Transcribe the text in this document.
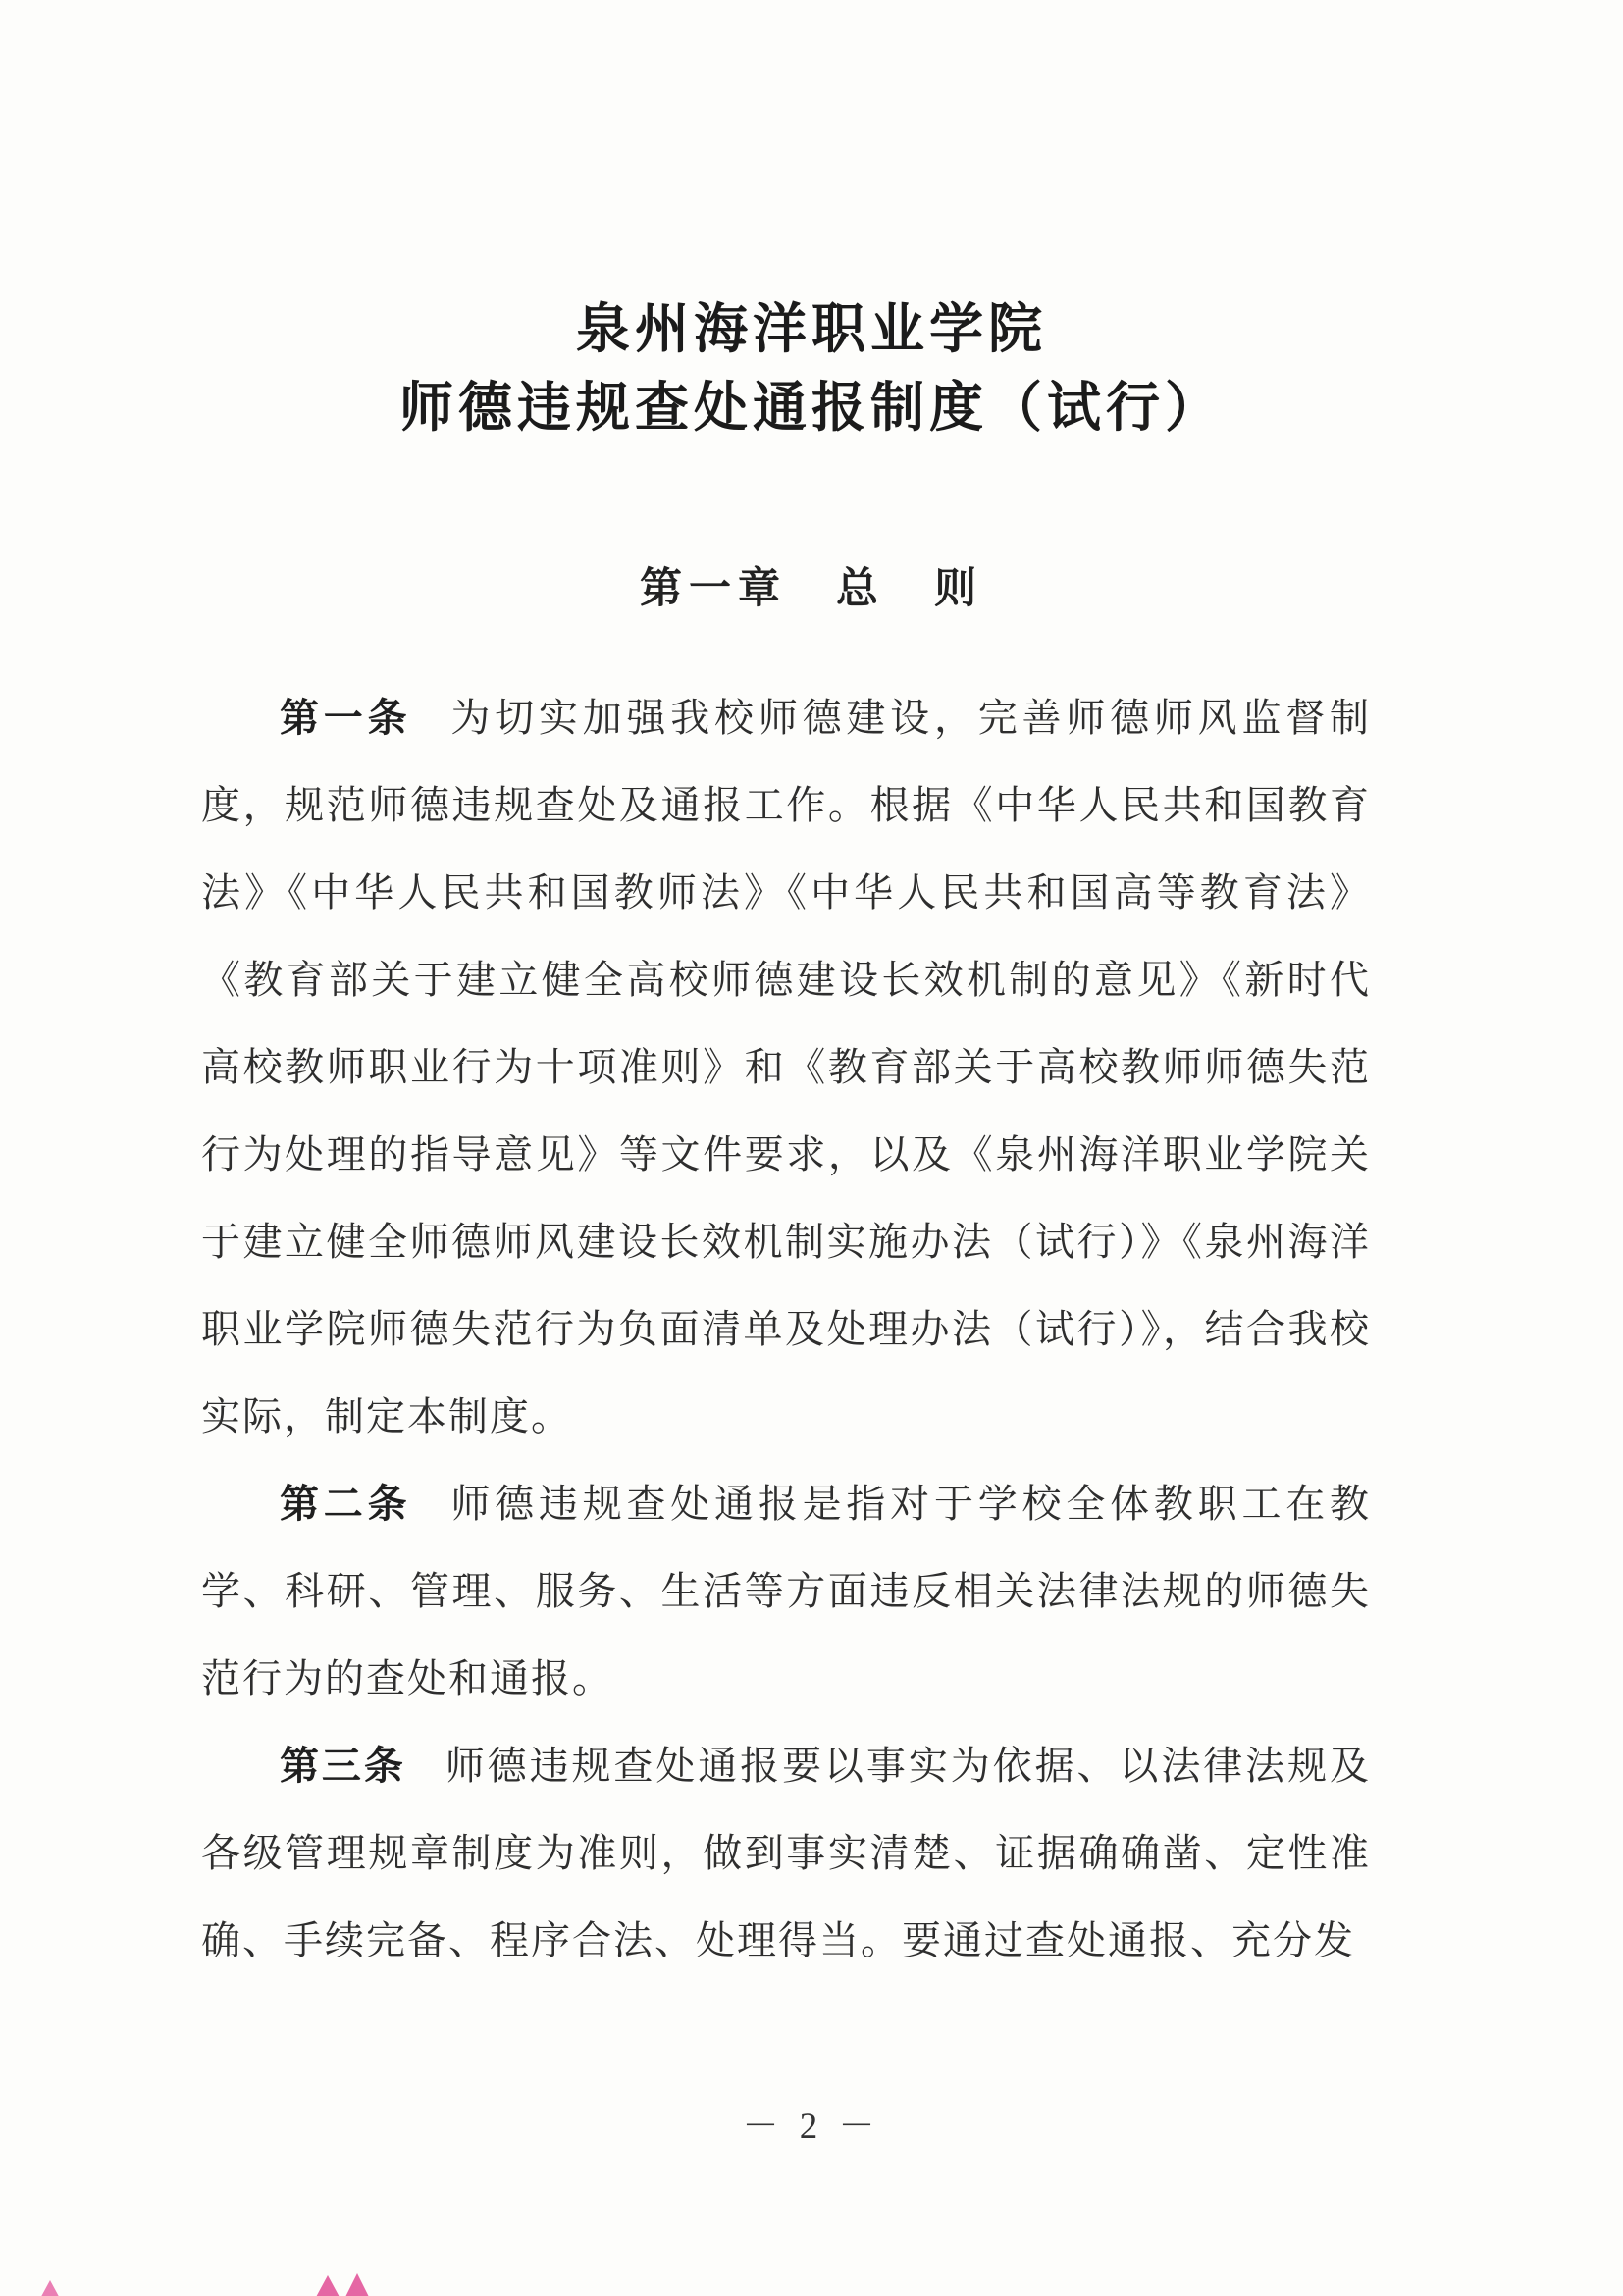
泉州海洋职业学院
师德违规查处通报制度（试行）
第一章　总　则

第一条 为切实加强我校师德建设，完善师德师风监督制度，规范师德违规查处及通报工作。根据《中华人民共和国教育法》《中华人民共和国教师法》《中华人民共和国高等教育法》《教育部关于建立健全高校师德建设长效机制的意见》《新时代高校教师职业行为十项准则》和《教育部关于高校教师师德失范行为处理的指导意见》等文件要求，以及《泉州海洋职业学院关于建立健全师德师风建设长效机制实施办法（试行）》《泉州海洋职业学院师德失范行为负面清单及处理办法（试行）》，结合我校实际，制定本制度。

第二条 师德违规查处通报是指对于学校全体教职工在教学、科研、管理、服务、生活等方面违反相关法律法规的师德失范行为的查处和通报。

第三条 师德违规查处通报要以事实为依据、以法律法规及各级管理规章制度为准则，做到事实清楚、证据确确凿、定性准确、手续完备、程序合法、处理得当。要通过查处通报、充分发

－ 2 －
